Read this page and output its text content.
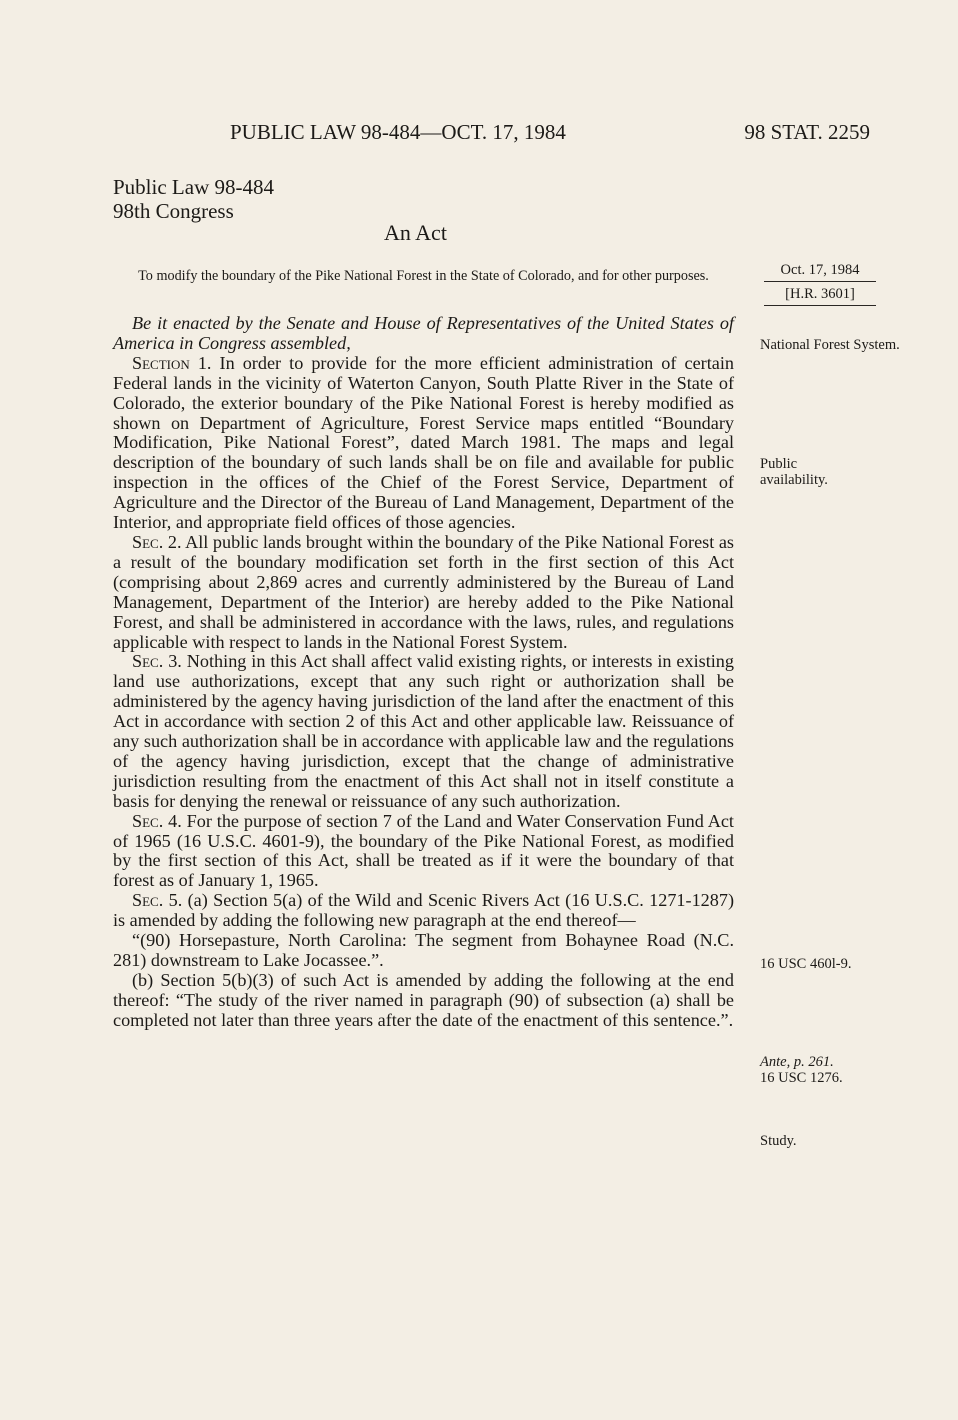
PUBLIC LAW 98-484—OCT. 17, 1984	98 STAT. 2259
Public Law 98-484
98th Congress
An Act
To modify the boundary of the Pike National Forest in the State of Colorado, and for other purposes.	Oct. 17, 1984
[H.R. 3601]
National Forest System.
Public availability.
16 USC 460l-9.
Ante, p. 261.
16 USC 1276.
Study.

Be it enacted by the Senate and House of Representatives of the United States of America in Congress assembled,

Section 1. In order to provide for the more efficient administration of certain Federal lands in the vicinity of Waterton Canyon, South Platte River in the State of Colorado, the exterior boundary of the Pike National Forest is hereby modified as shown on Department of Agriculture, Forest Service maps entitled “Boundary Modification, Pike National Forest”, dated March 1981. The maps and legal description of the boundary of such lands shall be on file and available for public inspection in the offices of the Chief of the Forest Service, Department of Agriculture and the Director of the Bureau of Land Management, Department of the Interior, and appropriate field offices of those agencies.

Sec. 2. All public lands brought within the boundary of the Pike National Forest as a result of the boundary modification set forth in the first section of this Act (comprising about 2,869 acres and currently administered by the Bureau of Land Management, Department of the Interior) are hereby added to the Pike National Forest, and shall be administered in accordance with the laws, rules, and regulations applicable with respect to lands in the National Forest System.

Sec. 3. Nothing in this Act shall affect valid existing rights, or interests in existing land use authorizations, except that any such right or authorization shall be administered by the agency having jurisdiction of the land after the enactment of this Act in accordance with section 2 of this Act and other applicable law. Reissuance of any such authorization shall be in accordance with applicable law and the regulations of the agency having jurisdiction, except that the change of administrative jurisdiction resulting from the enactment of this Act shall not in itself constitute a basis for denying the renewal or reissuance of any such authorization.

Sec. 4. For the purpose of section 7 of the Land and Water Conservation Fund Act of 1965 (16 U.S.C. 4601-9), the boundary of the Pike National Forest, as modified by the first section of this Act, shall be treated as if it were the boundary of that forest as of January 1, 1965.

Sec. 5. (a) Section 5(a) of the Wild and Scenic Rivers Act (16 U.S.C. 1271-1287) is amended by adding the following new paragraph at the end thereof—

“(90) Horsepasture, North Carolina: The segment from Bohaynee Road (N.C. 281) downstream to Lake Jocassee.”.

(b) Section 5(b)(3) of such Act is amended by adding the following at the end thereof: “The study of the river named in paragraph (90) of subsection (a) shall be completed not later than three years after the date of the enactment of this sentence.”.
